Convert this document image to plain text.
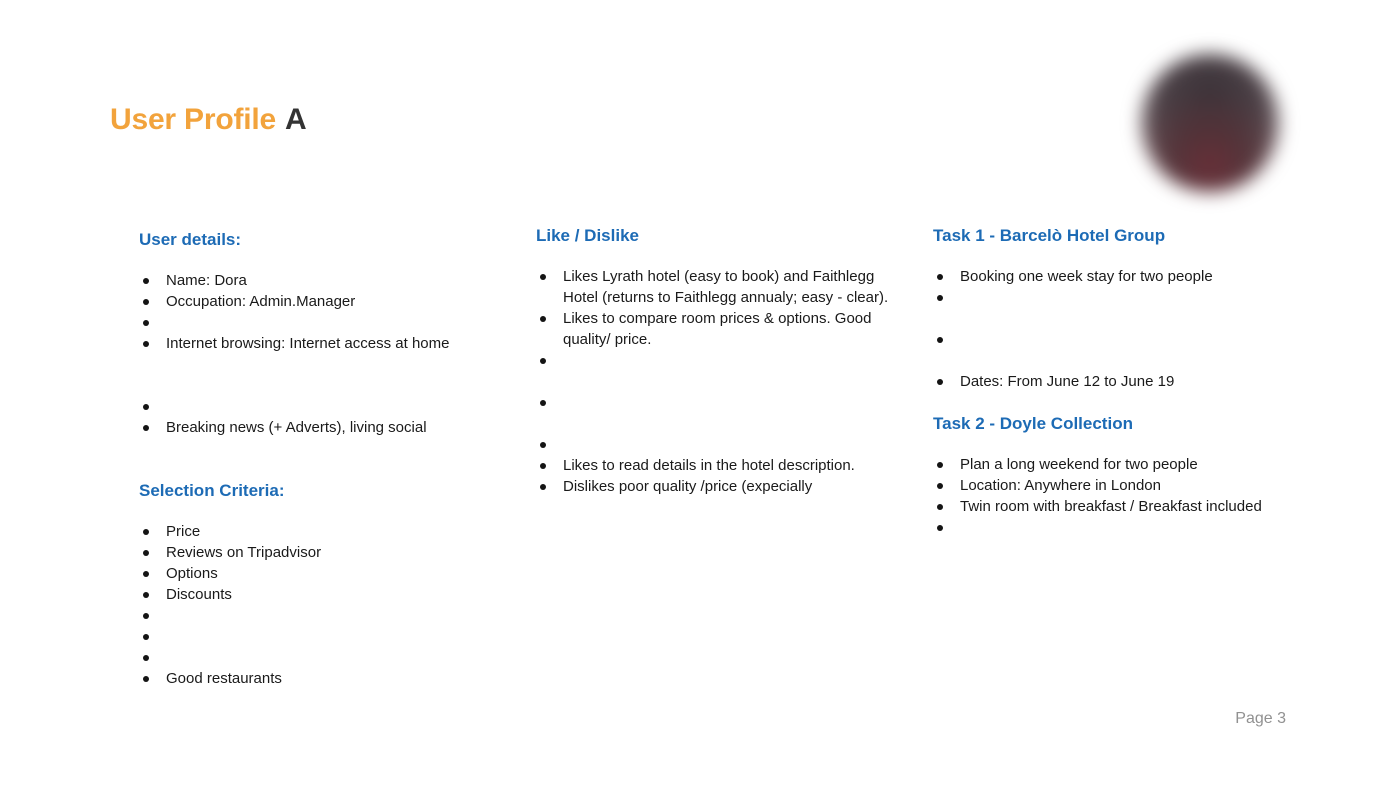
User Profile A
User details:
Name: Dora
Occupation: Admin.Manager
Internet browsing: Internet access at home
Breaking news (+ Adverts), living social
Selection Criteria:
Price
Reviews on Tripadvisor
Options
Discounts
Good restaurants
Like / Dislike
Likes Lyrath hotel (easy to book) and Faithlegg Hotel (returns to Faithlegg annualy; easy - clear).
Likes to compare room prices & options. Good quality/ price.
Likes to read details in the hotel description.
Dislikes poor quality /price (expecially
Task 1 - Barcelò Hotel Group
Booking one week stay for two people
Dates: From June 12 to June 19
Task 2 - Doyle Collection
Plan a long weekend for two people
Location: Anywhere in London
Twin room with breakfast / Breakfast included
Page 3
